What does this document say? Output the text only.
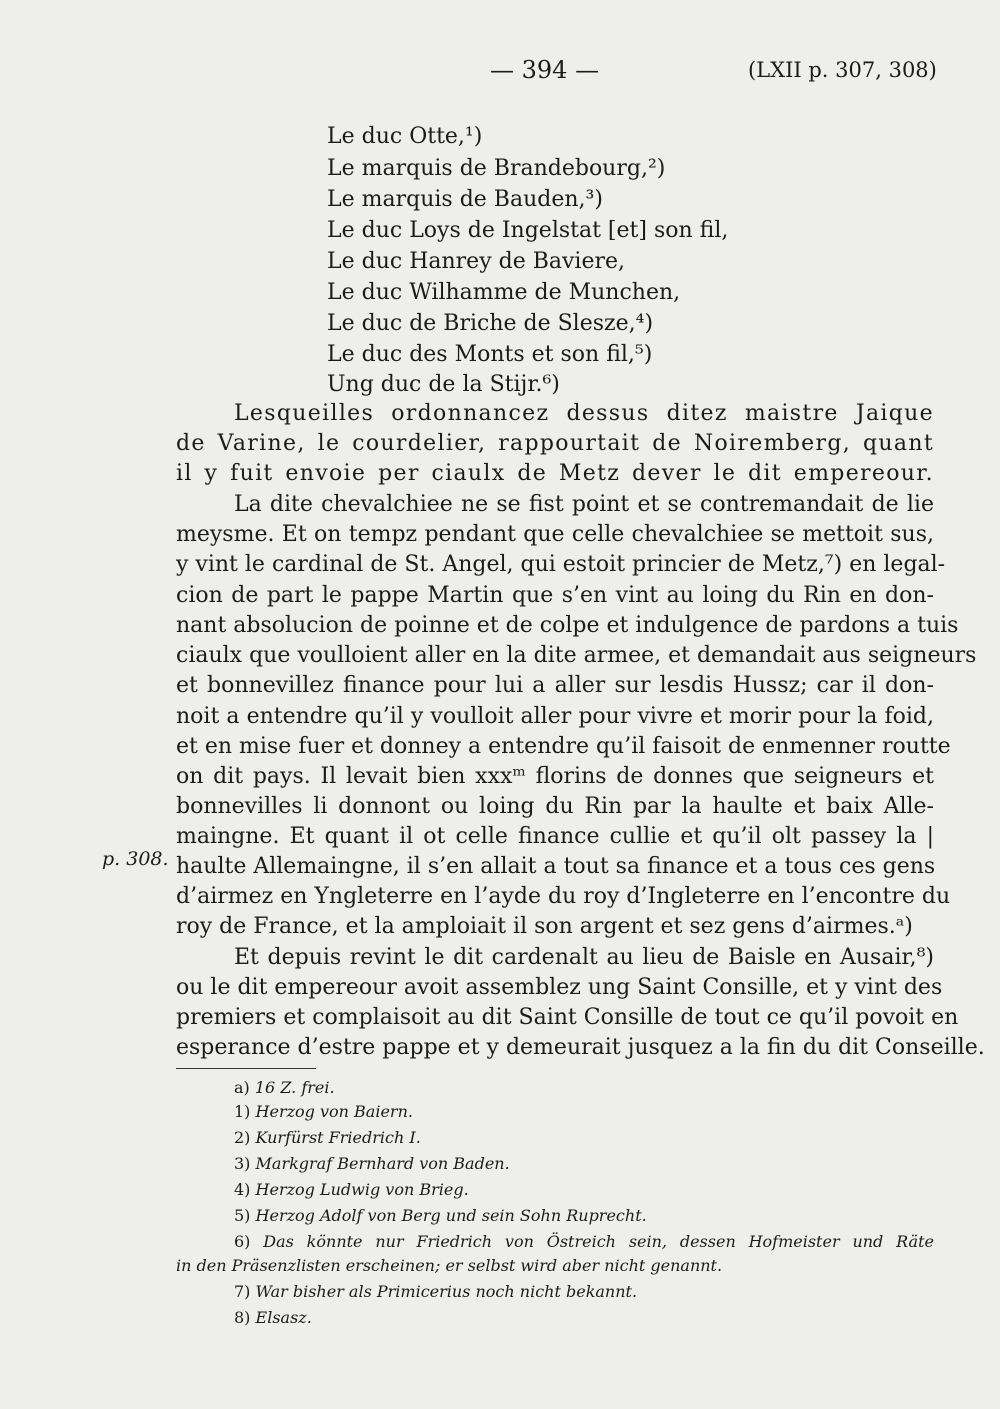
— 394 —	(LXII p. 307, 308)
Le duc Otte,¹)
Le marquis de Brandebourg,²)
Le marquis de Bauden,³)
Le duc Loys de Ingelstat [et] son fil,
Le duc Hanrey de Baviere,
Le duc Wilhamme de Munchen,
Le duc de Briche de Slesze,⁴)
Le duc des Monts et son fil,⁵)
Ung duc de la Stijr.⁶)
Lesqueilles ordonnancez dessus ditez maistre Jaique
de Varine, le courdelier, rappourtait de Noiremberg, quant
il y fuit envoie per ciaulx de Metz dever le dit empereour.
La dite chevalchiee ne se fist point et se contremandait de lie
meysme. Et on tempz pendant que celle chevalchiee se mettoit sus,
y vint le cardinal de St. Angel, qui estoit princier de Metz,⁷) en legal-
cion de part le pappe Martin que s’en vint au loing du Rin en don-
nant absolucion de poinne et de colpe et indulgence de pardons a tuis
ciaulx que voulloient aller en la dite armee, et demandait aus seigneurs
et bonnevillez finance pour lui a aller sur lesdis Hussz; car il don-
noit a entendre qu’il y voulloit aller pour vivre et morir pour la foid,
et en mise fuer et donney a entendre qu’il faisoit de enmenner routte
on dit pays. Il levait bien xxxᵐ florins de donnes que seigneurs et
bonnevilles li donnont ou loing du Rin par la haulte et baix Alle-
maingne. Et quant il ot celle finance cullie et qu’il olt passey la |
haulte Allemaingne, il s’en allait a tout sa finance et a tous ces gens
d’airmez en Yngleterre en l’ayde du roy d’Ingleterre en l’encontre du
roy de France, et la amploiait il son argent et sez gens d’airmes.ᵃ)
p. 308.
Et depuis revint le dit cardenalt au lieu de Baisle en Ausair,⁸)
ou le dit empereour avoit assemblez ung Saint Consille, et y vint des
premiers et complaisoit au dit Saint Consille de tout ce qu’il povoit en
esperance d’estre pappe et y demeurait jusquez a la fin du dit Conseille.
a) 16 Z. frei.
1) Herzog von Baiern.
2) Kurfürst Friedrich I.
3) Markgraf Bernhard von Baden.
4) Herzog Ludwig von Brieg.
5) Herzog Adolf von Berg und sein Sohn Ruprecht.
6) Das könnte nur Friedrich von Östreich sein, dessen Hofmeister und Räte
in den Präsenzlisten erscheinen; er selbst wird aber nicht genannt.
7) War bisher als Primicerius noch nicht bekannt.
8) Elsasz.
